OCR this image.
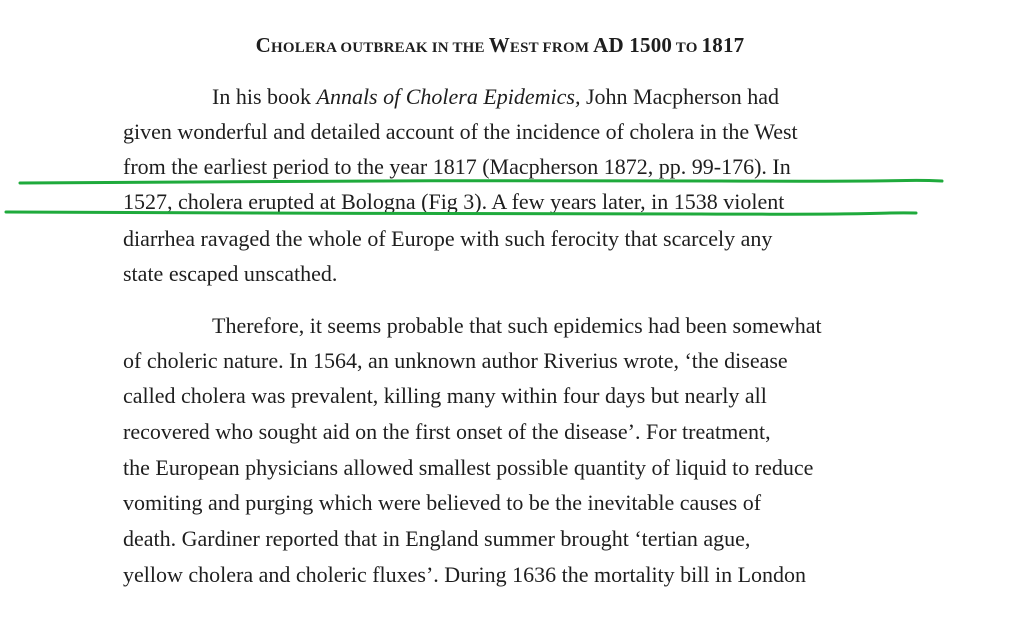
CHOLERA OUTBREAK IN THE WEST FROM AD 1500 TO 1817
In his book Annals of Cholera Epidemics, John Macpherson had
given wonderful and detailed account of the incidence of cholera in the West
from the earliest period to the year 1817 (Macpherson 1872, pp. 99-176). In
1527, cholera erupted at Bologna (Fig 3). A few years later, in 1538 violent
diarrhea ravaged the whole of Europe with such ferocity that scarcely any
state escaped unscathed.
Therefore, it seems probable that such epidemics had been somewhat
of choleric nature. In 1564, an unknown author Riverius wrote, ‘the disease
called cholera was prevalent, killing many within four days but nearly all
recovered who sought aid on the first onset of the disease’. For treatment,
the European physicians allowed smallest possible quantity of liquid to reduce
vomiting and purging which were believed to be the inevitable causes of
death. Gardiner reported that in England summer brought ‘tertian ague,
yellow cholera and choleric fluxes’. During 1636 the mortality bill in London
